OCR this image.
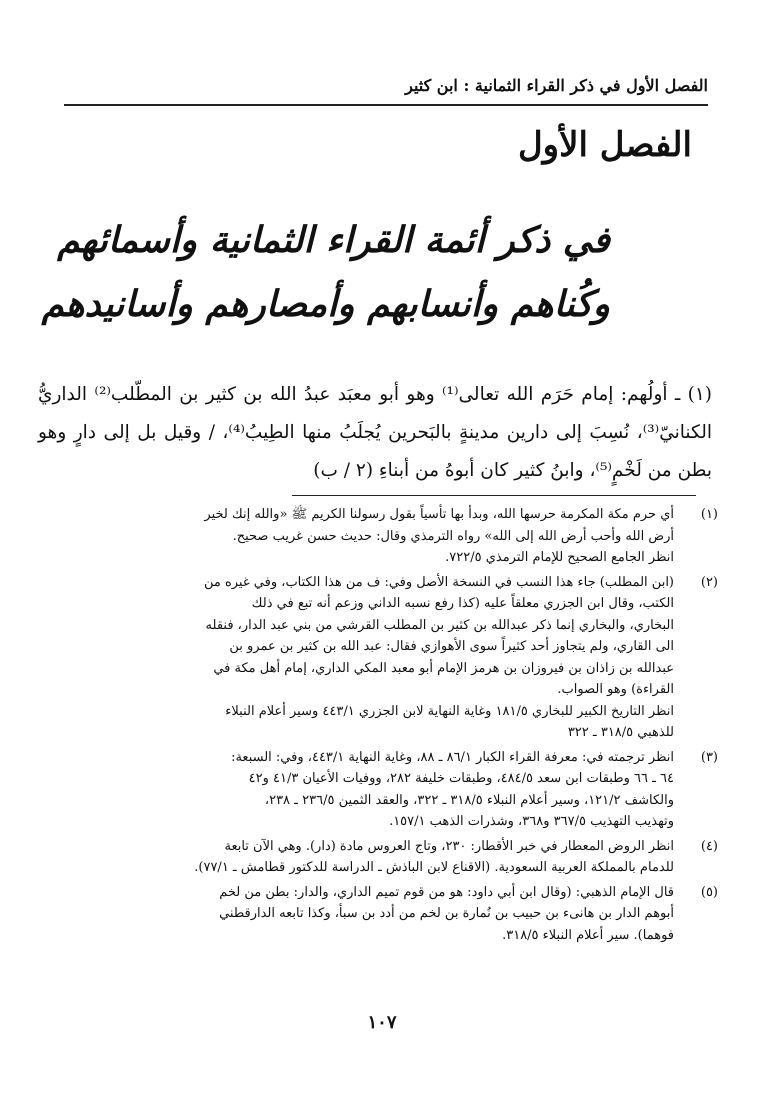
الفصل الأول في ذكر القراء الثمانية : ابن كثير
الفصل الأول
في ذكر أئمة القراء الثمانية وأسمائهم
وكُناهم وأنسابهم وأمصارهم وأسانيدهم

(١) ـ أولُهم: إمام حَرَم الله تعالى⁽¹⁾ وهو أبو معبَد عبدُ الله بن كثير بن المطّلب⁽²⁾ الداريُّ الكنانيّ⁽³⁾، نُسِبَ إلى دارين مدينةٍ بالبَحرين يُجلَبُ منها الطِيبُ⁽⁴⁾، / وقيل بل إلى دارٍ وهو بطن من لَخْمٍ⁽⁵⁾، وابنُ كثير كان أبوهُ من أبناءِ (٢ / ب)

(١)
أي حرم مكة المكرمة حرسها الله، وبدأ بها تأسياً بقول رسولنا الكريم ﷺ «والله إنك لخير
أرض الله وأحب أرض الله إلى الله» رواه الترمذي وقال: حديث حسن غريب صحيح.
انظر الجامع الصحيح للإمام الترمذي ٧٢٢/٥.
(٢)
(ابن المطلب) جاء هذا النسب في النسخة الأصل وفي: ف من هذا الكتاب، وفي غيره من
الكتب، وقال ابن الجزري معلقاً عليه (كذا رفع نسبه الداني وزعم أنه تبع في ذلك
البخاري، والبخاري إنما ذكر عبدالله بن كثير بن المطلب القرشي من بني عبد الدار، فنقله
الى القاري، ولم يتجاوز أحد كثيراً سوى الأهوازي فقال: عبد الله بن كثير بن عمرو بن
عبدالله بن زاذان بن فيروزان بن هرمز الإمام أبو معبد المكي الداري، إمام أهل مكة في
القراءة) وهو الصواب.
انظر التاريخ الكبير للبخاري ١٨١/٥ وغاية النهاية لابن الجزري ٤٤٣/١ وسير أعلام النبلاء
للذهبي ٣١٨/٥ ـ ٣٢٢
(٣)
انظر ترجمته في: معرفة القراء الكبار ٨٦/١ ـ ٨٨، وغاية النهاية ٤٤٣/١، وفي: السبعة:
٦٤ ـ ٦٦ وطبقات ابن سعد ٤٨٤/٥، وطبقات خليفة ٢٨٢، ووفيات الأعيان ٤١/٣ و٤٢
والكاشف ١٢١/٢، وسير أعلام النبلاء ٣١٨/٥ ـ ٣٢٢، والعقد الثمين ٢٣٦/٥ ـ ٢٣٨،
وتهذيب التهذيب ٣٦٧/٥ و٣٦٨، وشذرات الذهب ١٥٧/١.
(٤)
انظر الروض المعطار في خبر الأقطار: ٢٣٠، وتاج العروس مادة (دار). وهي الآن تابعة
للدمام بالمملكة العربية السعودية. (الاقناع لابن الباذش ـ الدراسة للدكتور قطامش ـ ٧٧/١).
(٥)
قال الإمام الذهبي: (وقال ابن أبي داود: هو من قوم تميم الداري، والدار: بطن من لخم
أبوهم الدار بن هانىء بن حبيب بن نُمارة بن لخم من أدد بن سبأ، وكذا تابعه الدارقطني
فوهما). سير أعلام النبلاء ٣١٨/٥.
١٠٧
